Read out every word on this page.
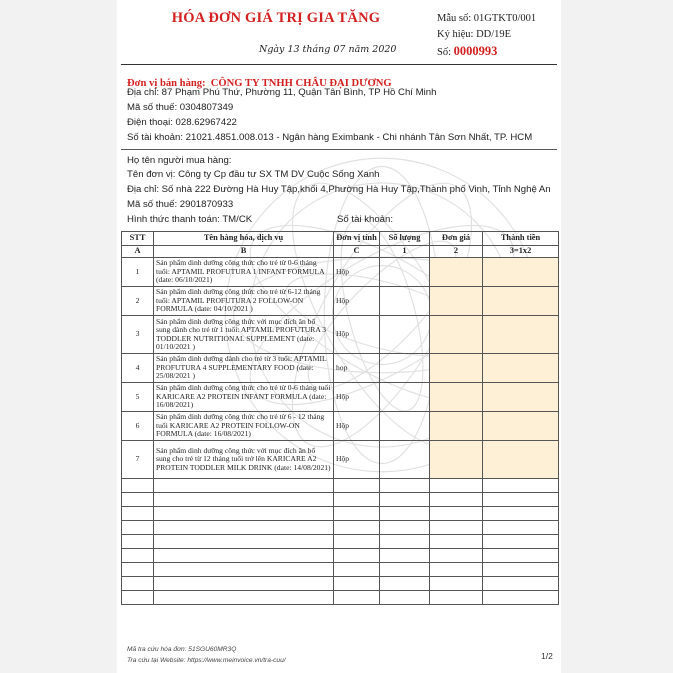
HÓA ĐƠN GIÁ TRỊ GIA TĂNG
Ngày 13 tháng 07 năm 2020
Mẫu số: 01GTKT0/001
Ký hiệu: DD/19E
Số: 0000993
Đơn vị bán hàng: CÔNG TY TNHH CHÂU ĐẠI DƯƠNG
Địa chỉ: 87 Phạm Phú Thứ, Phường 11, Quận Tân Bình, TP Hồ Chí Minh
Mã số thuế: 0304807349
Điện thoại: 028.62967422
Số tài khoản: 21021.4851.008.013 - Ngân hàng Eximbank - Chi nhánh Tân Sơn Nhất, TP. HCM
Họ tên người mua hàng:
Tên đơn vị: Công ty Cp đầu tư SX TM DV Cuộc Sống Xanh
Địa chỉ: Số nhà 222 Đường Hà Huy Tập,khối 4,Phường Hà Huy Tập,Thành phố Vinh, Tỉnh Nghệ An
Mã số thuế: 2901870933
Hình thức thanh toán: TM/CK	Số tài khoản:
STT	Tên hàng hóa, dịch vụ	Đơn vị tính	Số lượng	Đơn giá	Thành tiền
A	B	C	1	2	3=1x2
1	Sản phẩm dinh dưỡng công thức cho trẻ từ 0-6 tháng tuổi: APTAMIL PROFUTURA 1 INFANT FORMULA (date: 06/10/2021)	Hộp			
2	Sản phẩm dinh dưỡng công thức cho trẻ từ 6-12 tháng tuổi: APTAMIL PROFUTURA 2 FOLLOW-ON FORMULA (date: 04/10/2021 )	Hộp			
3	Sản phẩm dinh dưỡng công thức với mục đích ăn bổ sung dành cho trẻ từ 1 tuổi: APTAMIL PROFUTURA 3 TODDLER NUTRITIONAL SUPPLEMENT (date: 01/10/2021 )	Hộp			
4	Sản phẩm dinh dưỡng dành cho trẻ từ 3 tuổi: APTAMIL PROFUTURA 4 SUPPLEMENTARY FOOD (date: 25/08/2021 )	hop			
5	Sản phẩm dinh dưỡng công thức cho trẻ từ 0-6 tháng tuổi KARICARE A2 PROTEIN INFANT FORMULA (date: 16/08/2021)	Hộp			
6	Sản phẩm dinh dưỡng công thức cho trẻ từ 6 - 12 tháng tuổi KARICARE A2 PROTEIN FOLLOW-ON FORMULA (date: 16/08/2021)	Hộp			
7	Sản phẩm dinh dưỡng công thức với mục đích ăn bổ sung cho trẻ từ 12 tháng tuổi trở lên KARICARE A2 PROTEIN TODDLER MILK DRINK (date: 14/08/2021)	Hộp			

Mã tra cứu hóa đơn: 51SGU60MR3Q
Tra cứu tại Website: https://www.meinvoice.vn/tra-cuu/	1/2
